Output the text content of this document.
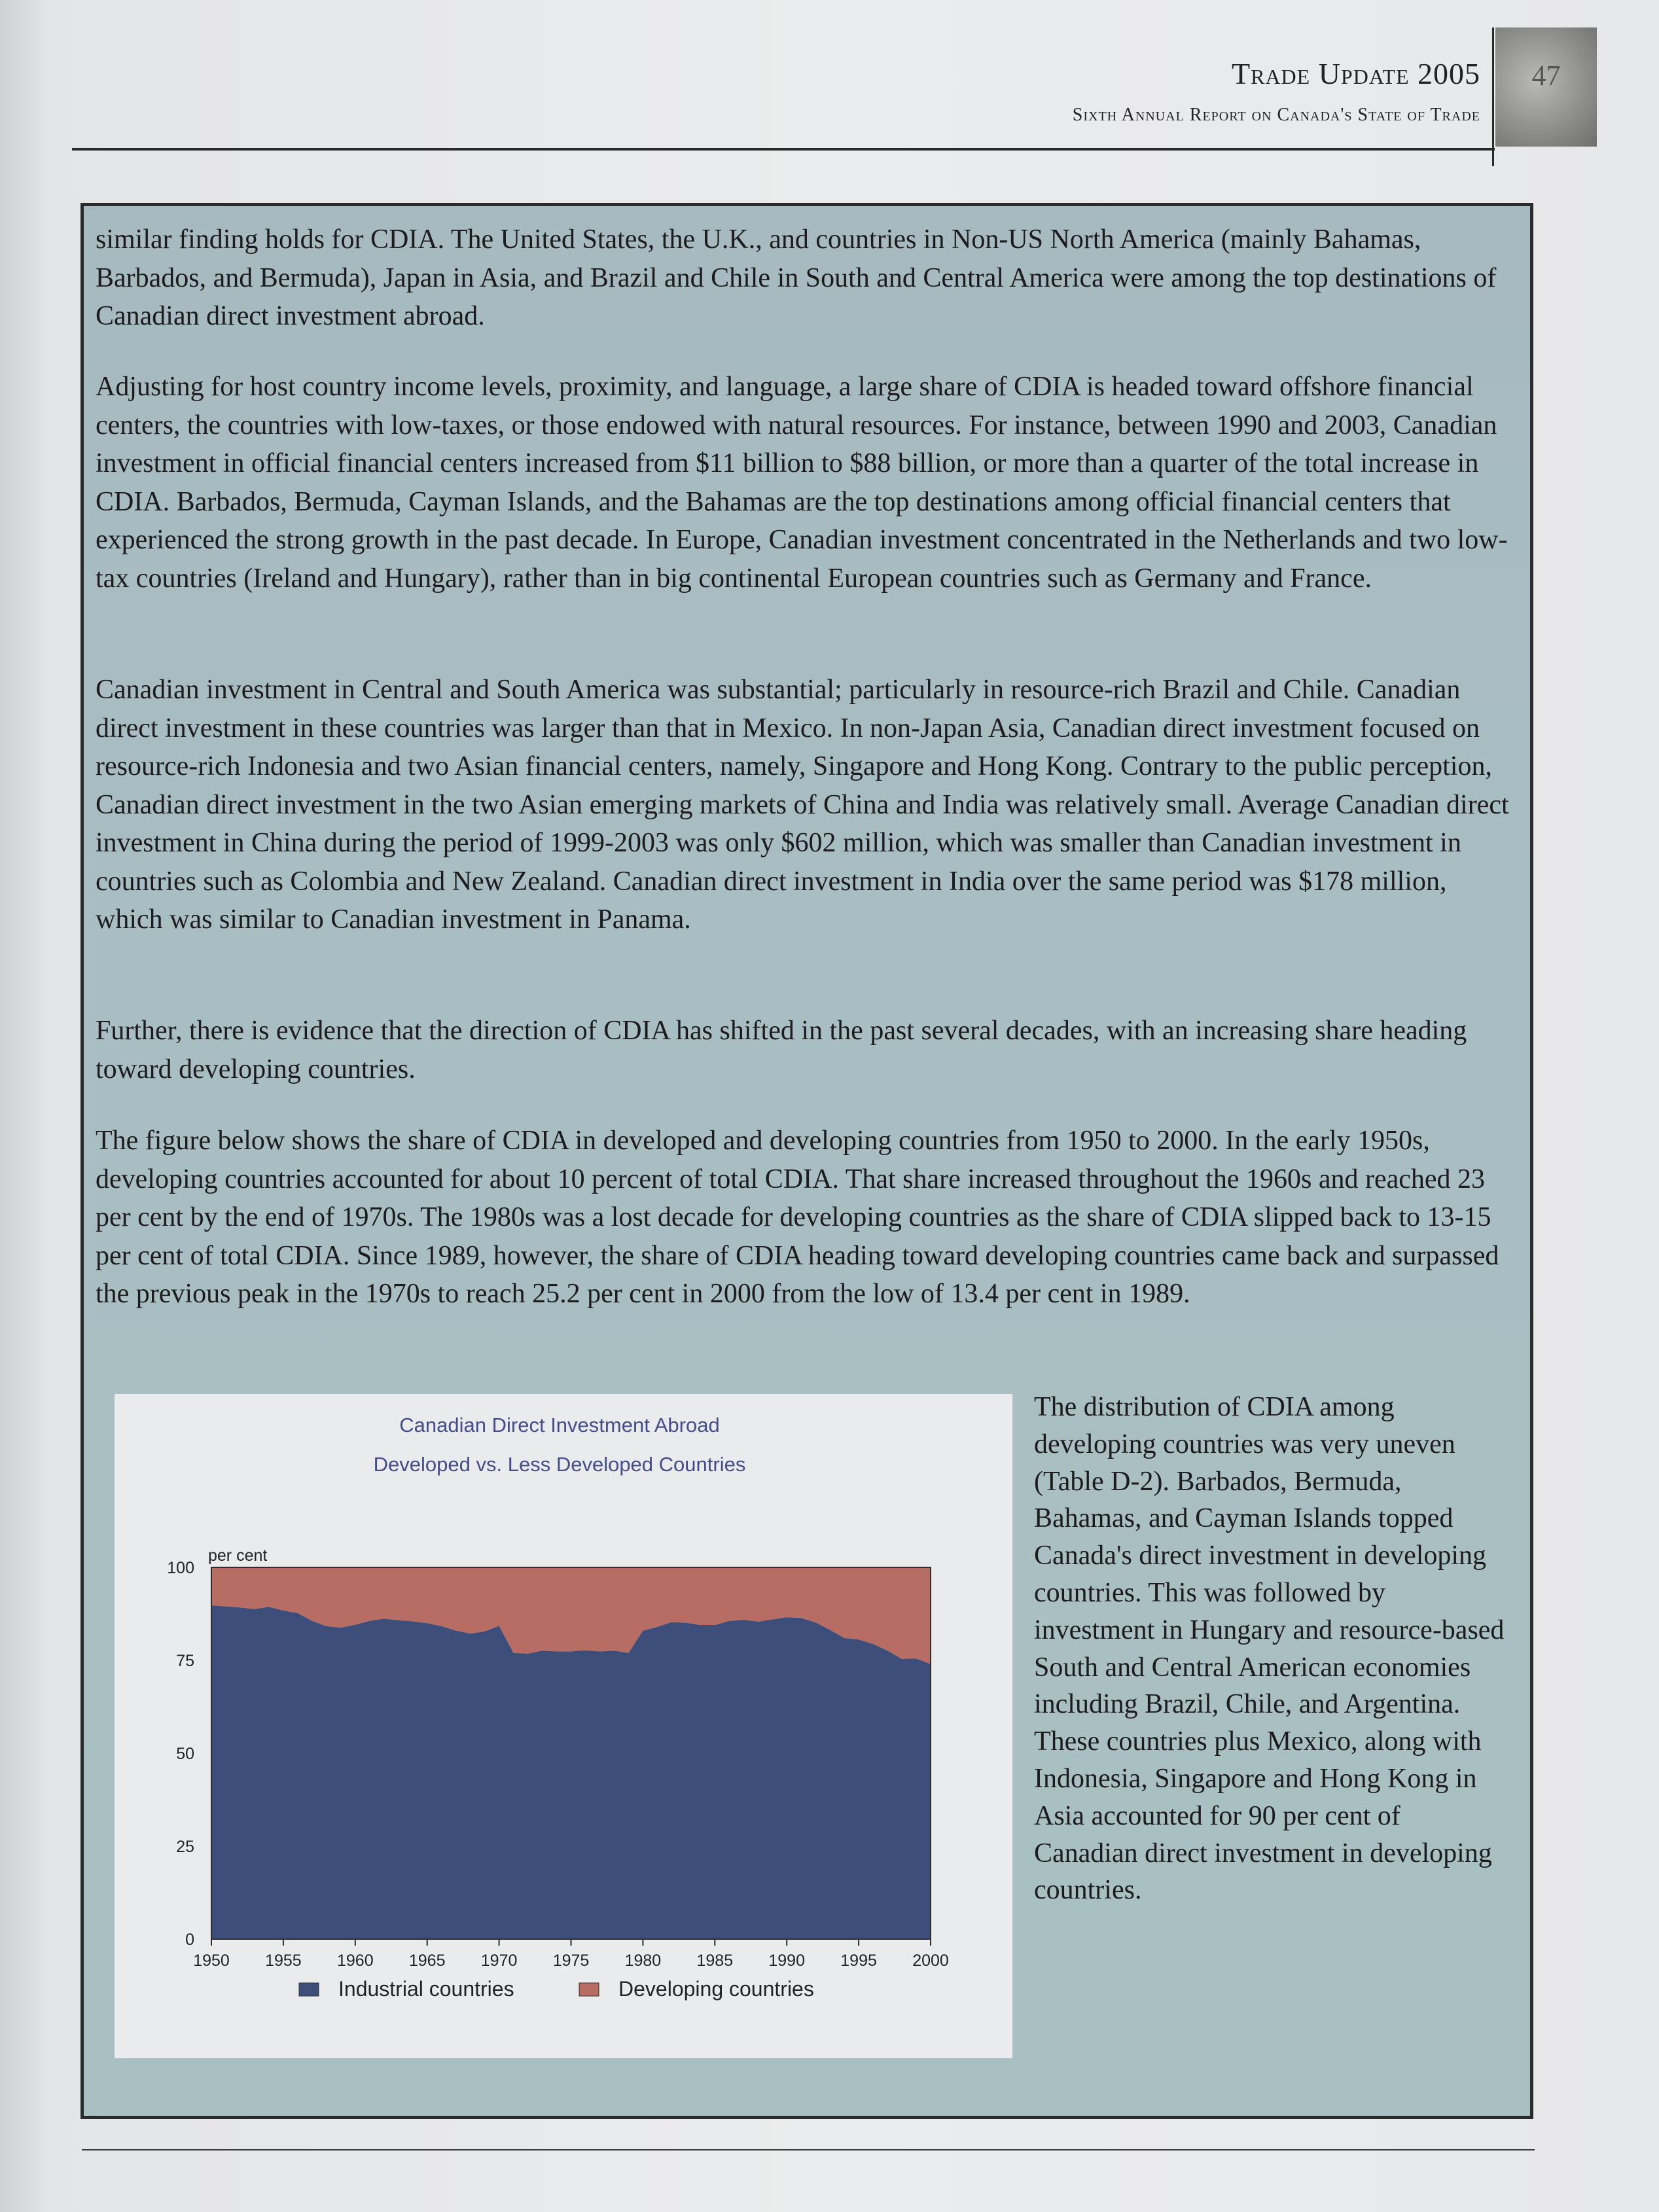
Trade Update 2005
Sixth Annual Report on Canada's State of Trade
47

similar finding holds for CDIA. The United States, the U.K., and countries in Non-US North America (mainly Bahamas, Barbados, and Bermuda), Japan in Asia, and Brazil and Chile in South and Central America were among the top destinations of Canadian direct investment abroad.

Adjusting for host country income levels, proximity, and language, a large share of CDIA is headed toward offshore financial centers, the countries with low-taxes, or those endowed with natural resources. For instance, between 1990 and 2003, Canadian investment in official financial centers increased from $11 billion to $88 billion, or more than a quarter of the total increase in CDIA. Barbados, Bermuda, Cayman Islands, and the Bahamas are the top destinations among official financial centers that experienced the strong growth in the past decade. In Europe, Canadian investment concentrated in the Netherlands and two low-tax countries (Ireland and Hungary), rather than in big continental European countries such as Germany and France.

Canadian investment in Central and South America was substantial; particularly in resource-rich Brazil and Chile. Canadian direct investment in these countries was larger than that in Mexico. In non-Japan Asia, Canadian direct investment focused on resource-rich Indonesia and two Asian financial centers, namely, Singapore and Hong Kong. Contrary to the public perception, Canadian direct investment in the two Asian emerging markets of China and India was relatively small. Average Canadian direct investment in China during the period of 1999-2003 was only $602 million, which was smaller than Canadian investment in countries such as Colombia and New Zealand. Canadian direct investment in India over the same period was $178 million, which was similar to Canadian investment in Panama.

Further, there is evidence that the direction of CDIA has shifted in the past several decades, with an increasing share heading toward developing countries.

The figure below shows the share of CDIA in developed and developing countries from 1950 to 2000. In the early 1950s, developing countries accounted for about 10 percent of total CDIA. That share increased throughout the 1960s and reached 23 per cent by the end of 1970s. The 1980s was a lost decade for developing countries as the share of CDIA slipped back to 13-15 per cent of total CDIA. Since 1989, however, the share of CDIA heading toward developing countries came back and surpassed the previous peak in the 1970s to reach 25.2 per cent in 2000 from the low of 13.4 per cent in 1989.

Canadian Direct Investment Abroad
Developed vs. Less Developed Countries
per cent
0
25
50
75
100
1950 1955 1960 1965 1970 1975 1980 1985 1990 1995 2000
Industrial countries	Developing countries

The distribution of CDIA among developing countries was very uneven (Table D-2). Barbados, Bermuda, Bahamas, and Cayman Islands topped Canada's direct investment in developing countries. This was followed by investment in Hungary and resource-based South and Central American economies including Brazil, Chile, and Argentina. These countries plus Mexico, along with Indonesia, Singapore and Hong Kong in Asia accounted for 90 per cent of Canadian direct investment in developing countries.
